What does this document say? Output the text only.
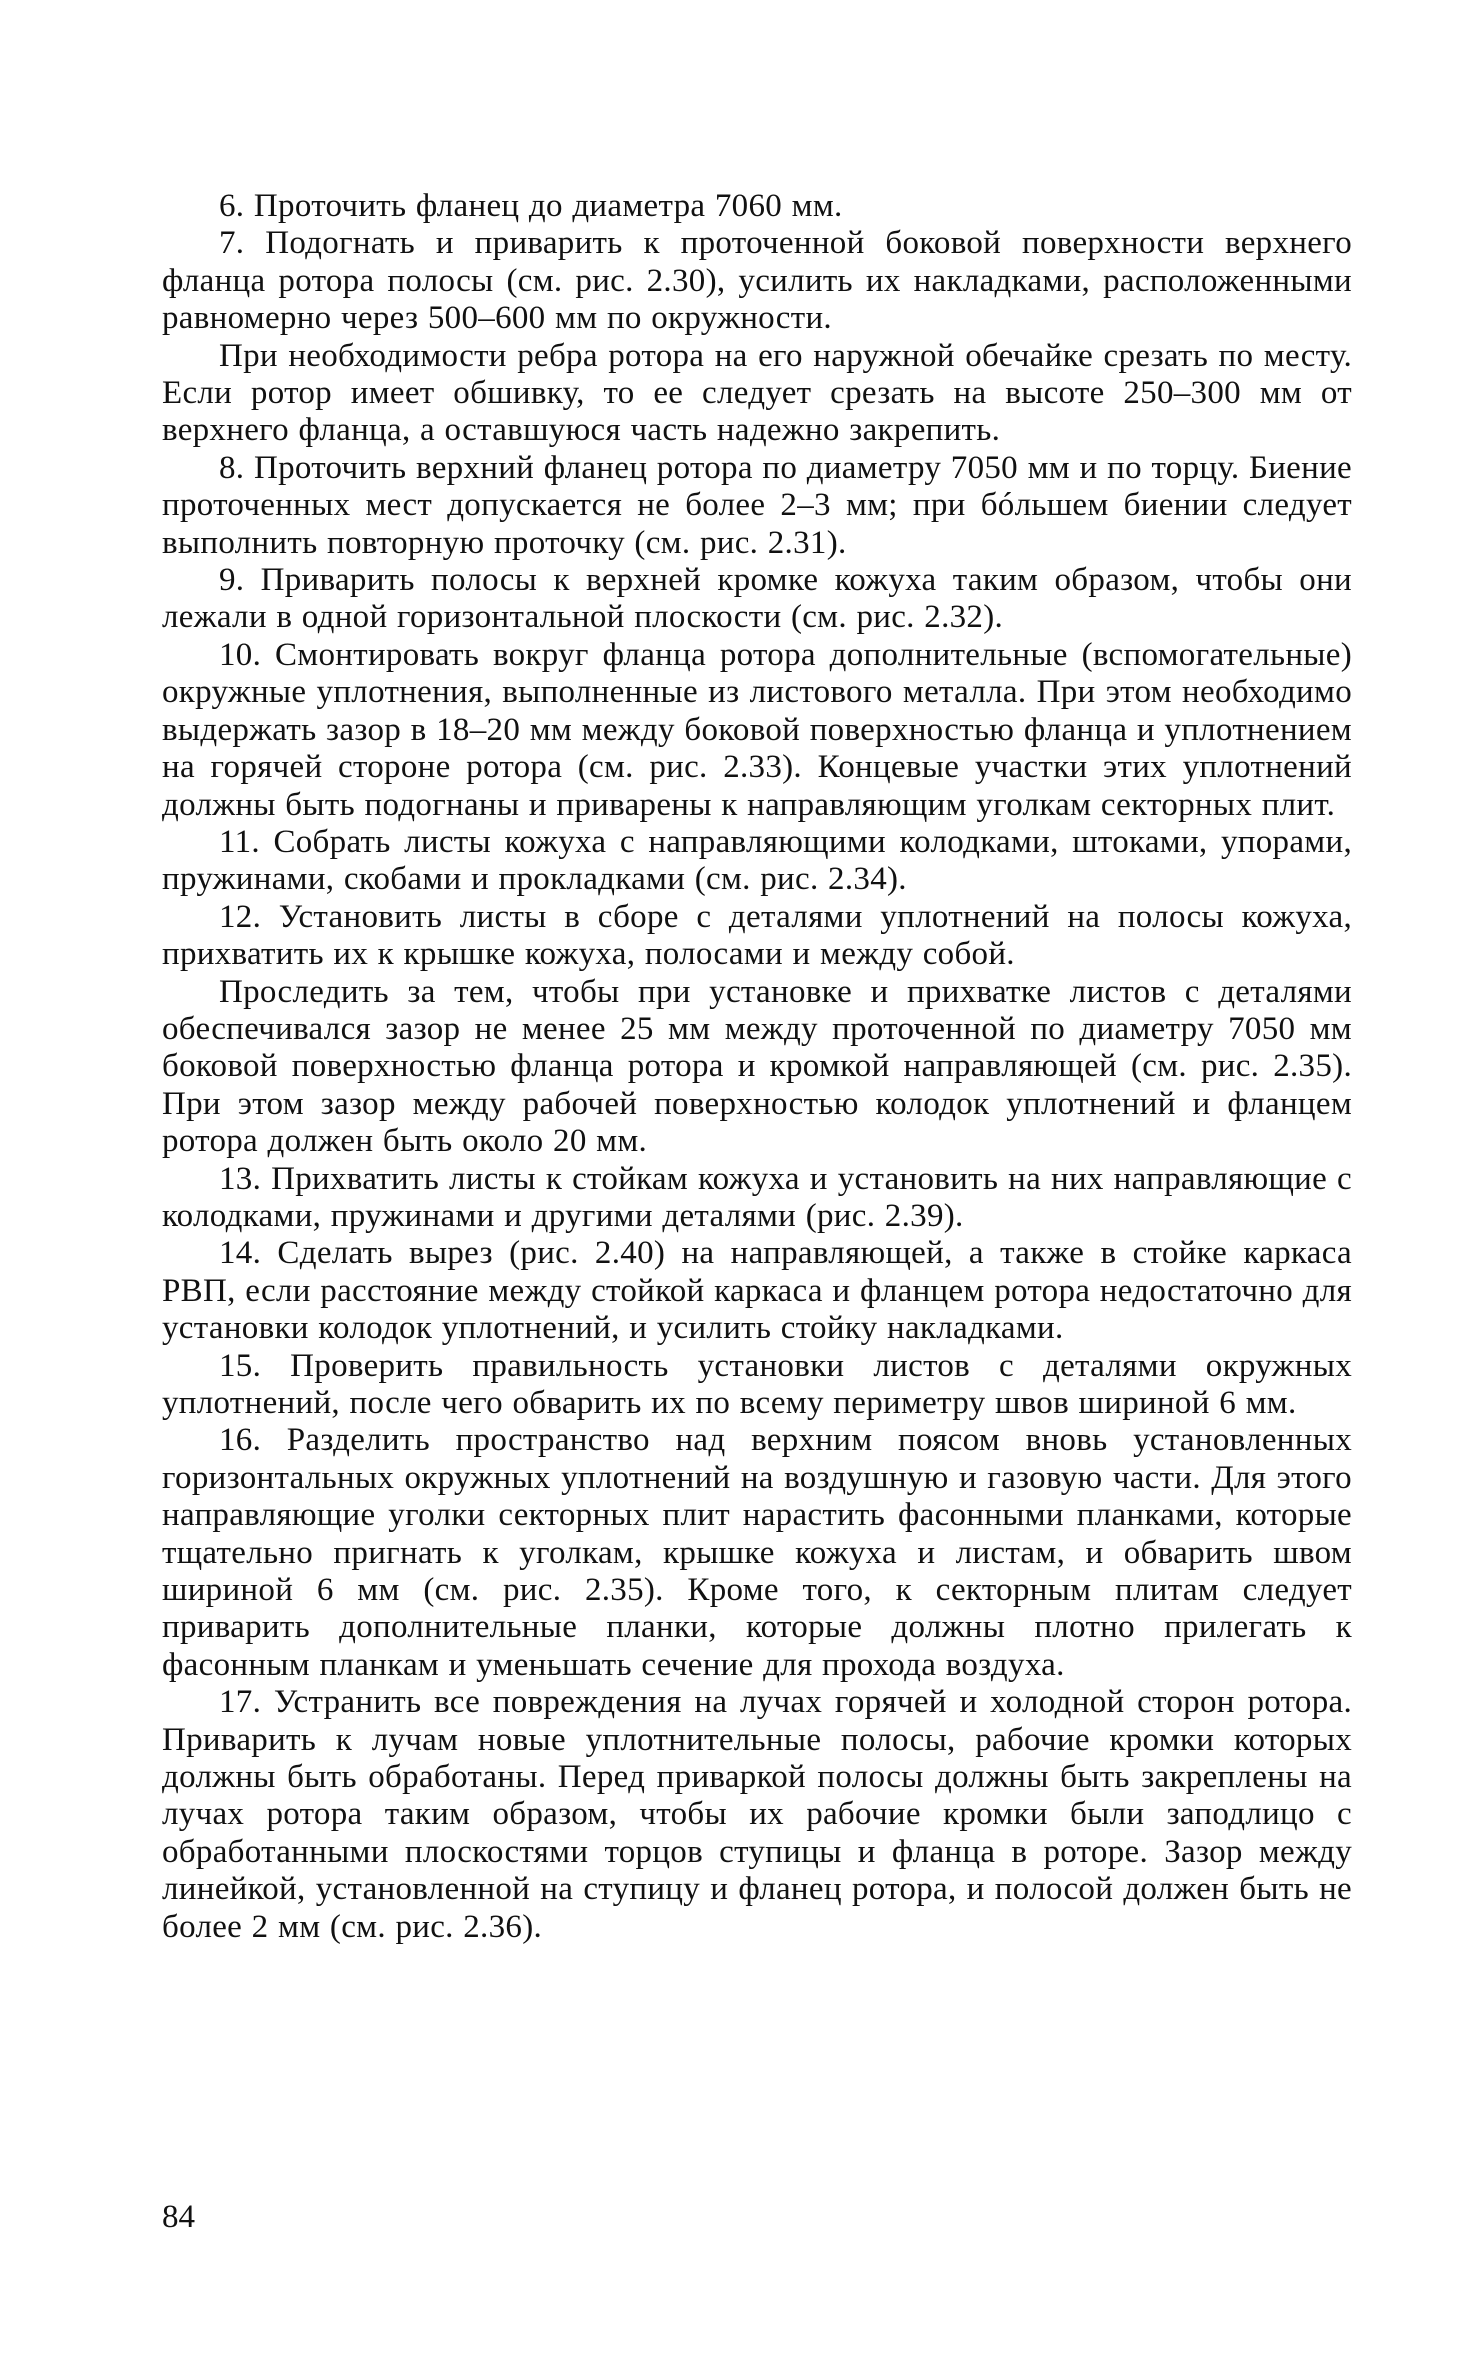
6. Проточить фланец до диаметра 7060 мм.

7. Подогнать и приварить к проточенной боковой поверхности верхнего фланца ротора полосы (см. рис. 2.30), усилить их накладками, расположенными равномерно через 500–600 мм по окружности.

При необходимости ребра ротора на его наружной обечайке срезать по месту. Если ротор имеет обшивку, то ее следует срезать на высоте 250–300 мм от верхнего фланца, а оставшуюся часть надежно закрепить.

8. Проточить верхний фланец ротора по диаметру 7050 мм и по торцу. Биение проточенных мест допускается не более 2–3 мм; при бóльшем биении следует выполнить повторную проточку (см. рис. 2.31).

9. Приварить полосы к верхней кромке кожуха таким образом, чтобы они лежали в одной горизонтальной плоскости (см. рис. 2.32).

10. Смонтировать вокруг фланца ротора дополнительные (вспомогательные) окружные уплотнения, выполненные из листового металла. При этом необходимо выдержать зазор в 18–20 мм между боковой поверхностью фланца и уплотнением на горячей стороне ротора (см. рис. 2.33). Концевые участки этих уплотнений должны быть подогнаны и приварены к направляющим уголкам секторных плит.

11. Собрать листы кожуха с направляющими колодками, штоками, упорами, пружинами, скобами и прокладками (см. рис. 2.34).

12. Установить листы в сборе с деталями уплотнений на полосы кожуха, прихватить их к крышке кожуха, полосами и между собой.

Проследить за тем, чтобы при установке и прихватке листов с деталями обеспечивался зазор не менее 25 мм между проточенной по диаметру 7050 мм боковой поверхностью фланца ротора и кромкой направляющей (см. рис. 2.35). При этом зазор между рабочей поверхностью колодок уплотнений и фланцем ротора должен быть около 20 мм.

13. Прихватить листы к стойкам кожуха и установить на них направляющие с колодками, пружинами и другими деталями (рис. 2.39).

14. Сделать вырез (рис. 2.40) на направляющей, а также в стойке каркаса РВП, если расстояние между стойкой каркаса и фланцем ротора недостаточно для установки колодок уплотнений, и усилить стойку накладками.

15. Проверить правильность установки листов с деталями окружных уплотнений, после чего обварить их по всему периметру швов шириной 6 мм.

16. Разделить пространство над верхним поясом вновь установленных горизонтальных окружных уплотнений на воздушную и газовую части. Для этого направляющие уголки секторных плит нарастить фасонными планками, которые тщательно пригнать к уголкам, крышке кожуха и листам, и обварить швом шириной 6 мм (см. рис. 2.35). Кроме того, к секторным плитам следует приварить дополнительные планки, которые должны плотно прилегать к фасонным планкам и уменьшать сечение для прохода воздуха.

17. Устранить все повреждения на лучах горячей и холодной сторон ротора. Приварить к лучам новые уплотнительные полосы, рабочие кромки которых должны быть обработаны. Перед приваркой полосы должны быть закреплены на лучах ротора таким образом, чтобы их рабочие кромки были заподлицо с обработанными плоскостями торцов ступицы и фланца в роторе. Зазор между линейкой, установленной на ступицу и фланец ротора, и полосой должен быть не более 2 мм (см. рис. 2.36).

84
